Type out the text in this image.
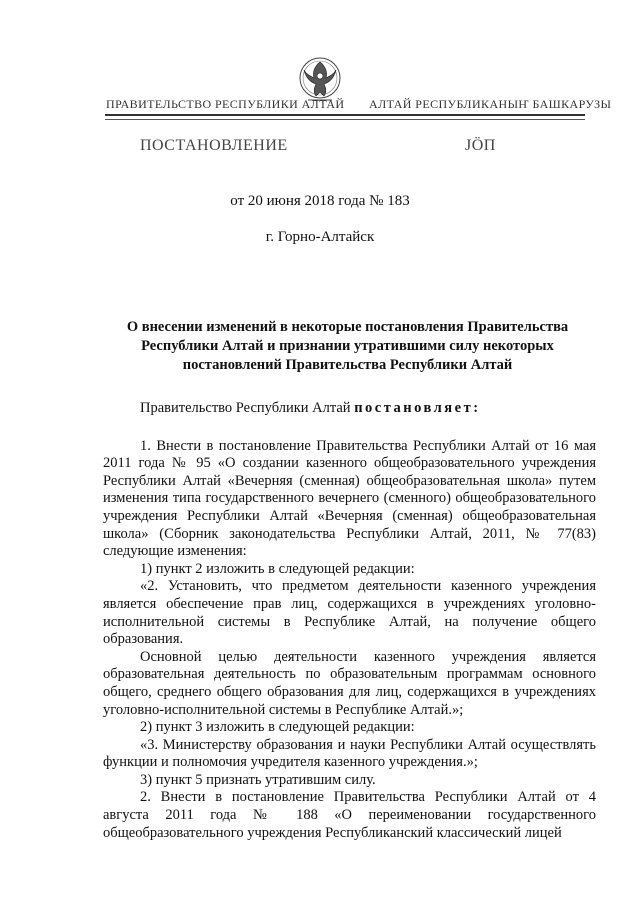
ПРАВИТЕЛЬСТВО РЕСПУБЛИКИ АЛТАЙ АЛТАЙ РЕСПУБЛИКАНЫҤ БАШКАРУЗЫ
ПОСТАНОВЛЕНИЕ	ЈӦП
от 20 июня 2018 года № 183
г. Горно-Алтайск
О внесении изменений в некоторые постановления Правительства Республики Алтай и признании утратившими силу некоторых постановлений Правительства Республики Алтай

Правительство Республики Алтай постановляет:

1. Внести в постановление Правительства Республики Алтай от 16 мая 2011 года № 95 «О создании казенного общеобразовательного учреждения Республики Алтай «Вечерняя (сменная) общеобразовательная школа» путем изменения типа государственного вечернего (сменного) общеобразовательного учреждения Республики Алтай «Вечерняя (сменная) общеобразовательная школа» (Сборник законодательства Республики Алтай, 2011, № 77(83) следующие изменения:

1) пункт 2 изложить в следующей редакции:

«2. Установить, что предметом деятельности казенного учреждения является обеспечение прав лиц, содержащихся в учреждениях уголовно-исполнительной системы в Республике Алтай, на получение общего образования.

Основной целью деятельности казенного учреждения является образовательная деятельность по образовательным программам основного общего, среднего общего образования для лиц, содержащихся в учреждениях уголовно-исполнительной системы в Республике Алтай.»;

2) пункт 3 изложить в следующей редакции:

«3. Министерству образования и науки Республики Алтай осуществлять функции и полномочия учредителя казенного учреждения.»;

3) пункт 5 признать утратившим силу.

2. Внести в постановление Правительства Республики Алтай от 4 августа 2011 года № 188 «О переименовании государственного общеобразовательного учреждения Республиканский классический лицей
